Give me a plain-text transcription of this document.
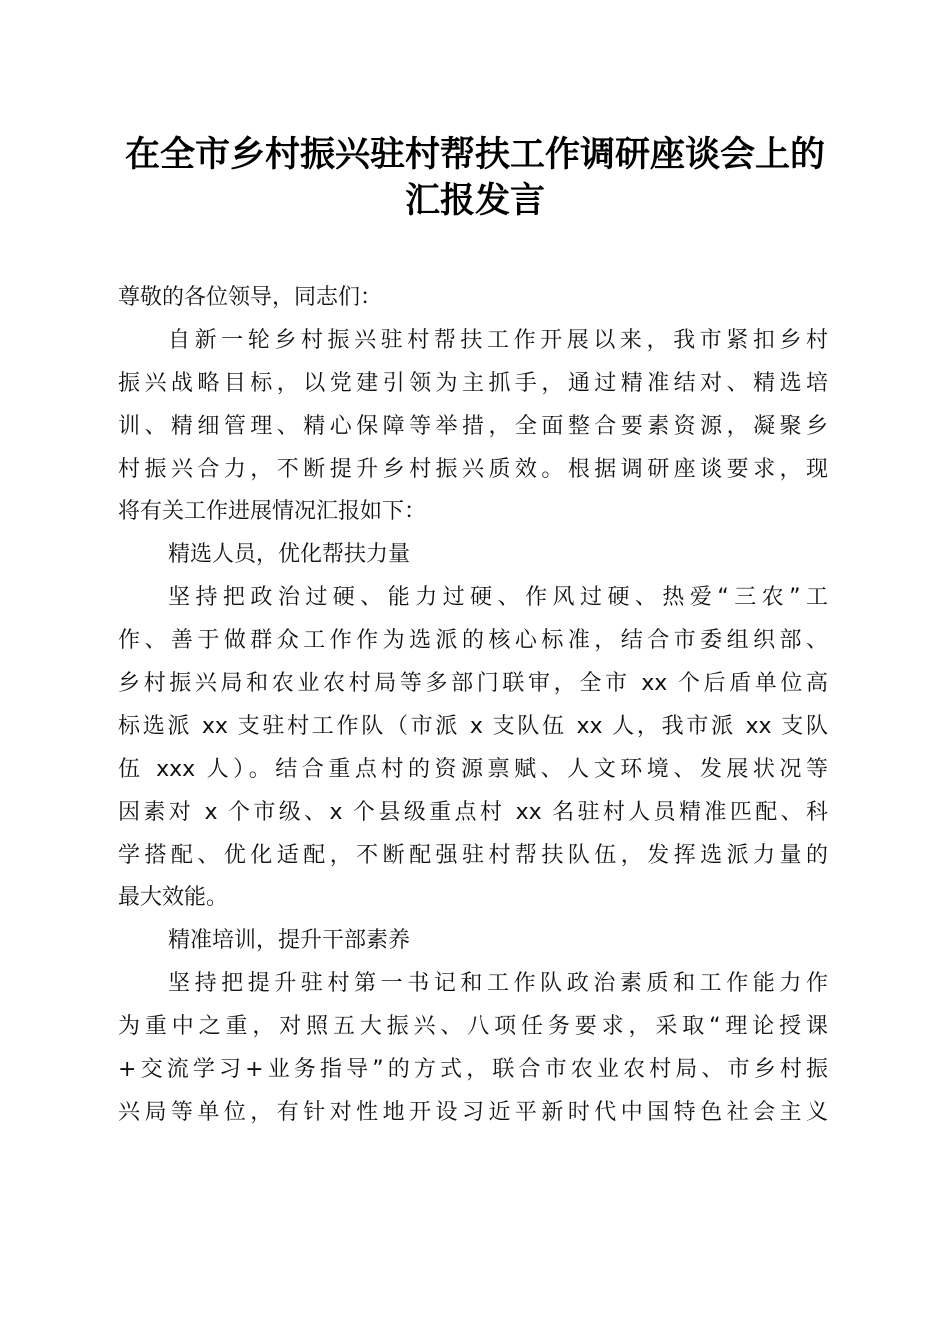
在全市乡村振兴驻村帮扶工作调研座谈会上的
汇报发言
尊敬的各位领导，同志们：
自新一轮乡村振兴驻村帮扶工作开展以来，我市紧扣乡村
振兴战略目标，以党建引领为主抓手，通过精准结对、精选培
训、精细管理、精心保障等举措，全面整合要素资源，凝聚乡
村振兴合力，不断提升乡村振兴质效。根据调研座谈要求，现
将有关工作进展情况汇报如下：
精选人员，优化帮扶力量
坚持把政治过硬、能力过硬、作风过硬、热爱“三农”工
作、善于做群众工作作为选派的核心标准，结合市委组织部、
乡村振兴局和农业农村局等多部门联审，全市 xx 个后盾单位高
标选派 xx 支驻村工作队（市派 x 支队伍 xx 人，我市派 xx 支队
伍 xxx 人）。结合重点村的资源禀赋、人文环境、发展状况等
因素对 x 个市级、x 个县级重点村 xx 名驻村人员精准匹配、科
学搭配、优化适配，不断配强驻村帮扶队伍，发挥选派力量的
最大效能。
精准培训，提升干部素养
坚持把提升驻村第一书记和工作队政治素质和工作能力作
为重中之重，对照五大振兴、八项任务要求，采取“理论授课
+交流学习+业务指导”的方式，联合市农业农村局、市乡村振
兴局等单位，有针对性地开设习近平新时代中国特色社会主义
